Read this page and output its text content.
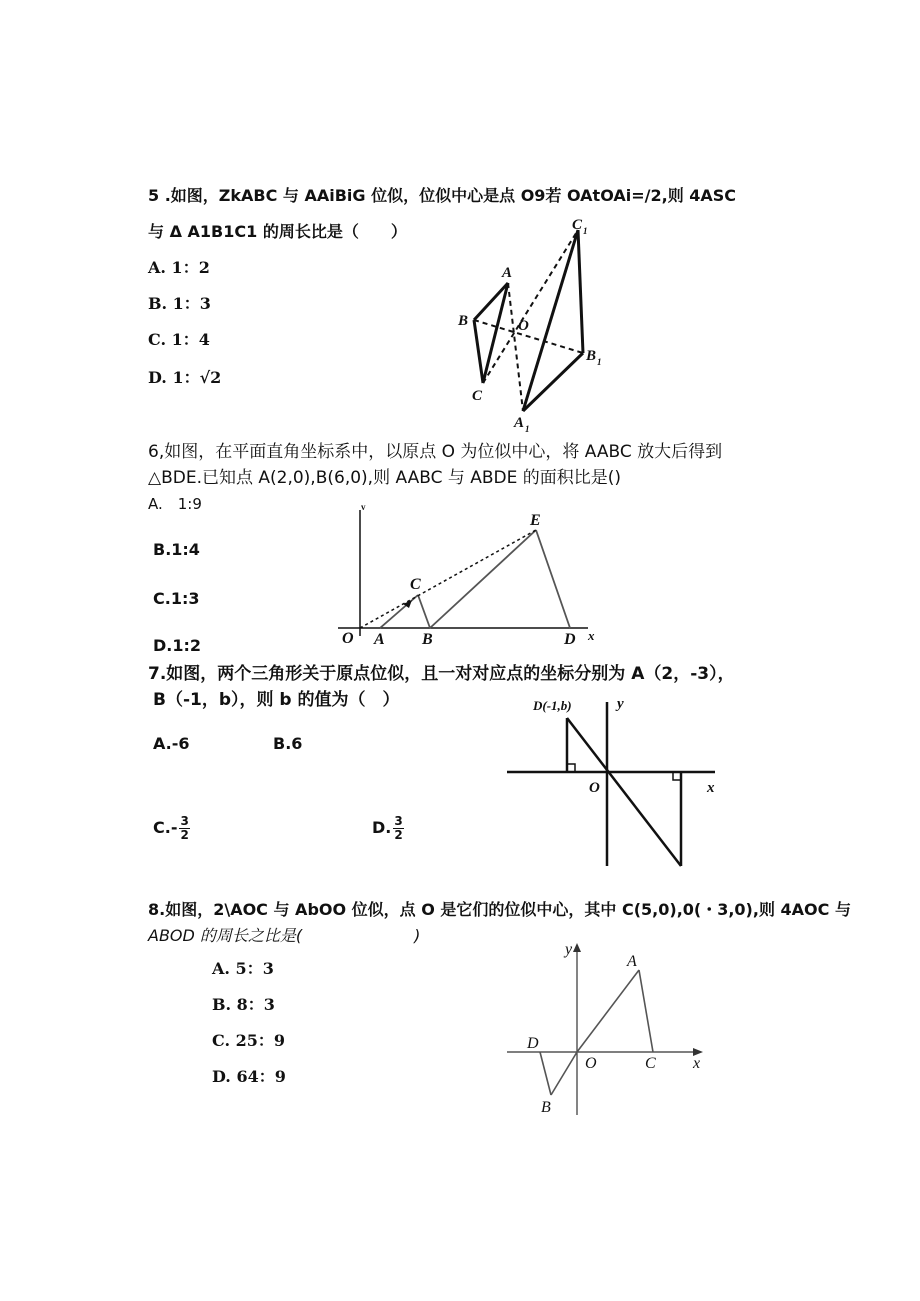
5 .如图，ZkABC 与 AAiBiG 位似，位似中心是点 O9若 OAtOAi=/2,则 4ASC
与 Δ A1B1C1 的周长比是（　　）
A. 1：2
B. 1：3
C. 1：4
D. 1：√2
A
B
C
O
C 1
B 1
A 1
6,如图，在平面直角坐标系中，以原点 O 为位似中心，将 AABC 放大后得到
△BDE.已知点 A(2,0),B(6,0),则 AABC 与 ABDE 的面积比是()
A.　1:9
B.1:4
C.1:3
D.1:2
v
E
C
O A B	D x
7.如图，两个三角形关于原点位似，且一对对应点的坐标分别为 A（2，-3），
B（-1，b），则 b 的值为（　）
A.-6	B.6
$C.- \frac{3}{2}$	D. $\frac{3}{2}$
D(-1,b)	y
O	x
8.如图，2\AOC 与 AbOO 位似，点 O 是它们的位似中心，其中 C(5,0),0(・3,0),则 4AOC 与
ABOD 的周长之比是(　　　　　　　)
A. 5：3
B. 8：3
C. 25：9
D. 64：9
y
A
D
O	C x
B
